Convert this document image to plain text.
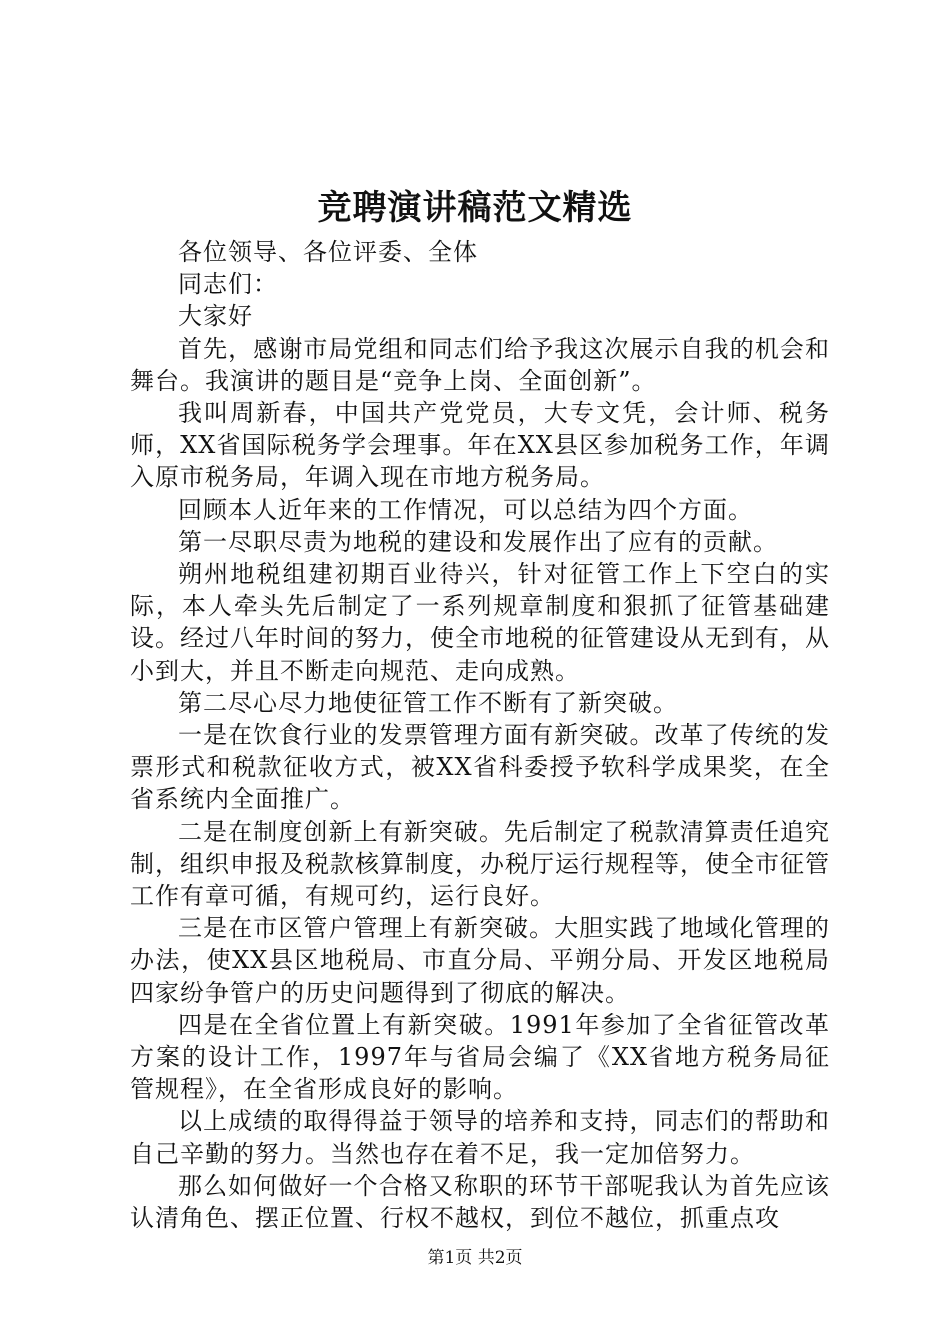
竞聘演讲稿范文精选

各位领导、各位评委、全体

同志们：

大家好

首先，感谢市局党组和同志们给予我这次展示自我的机会和舞台。我演讲的题目是“竞争上岗、全面创新”。

我叫周新春，中国共产党党员，大专文凭，会计师、税务师，XX省国际税务学会理事。年在XX县区参加税务工作，年调入原市税务局，年调入现在市地方税务局。

回顾本人近年来的工作情况，可以总结为四个方面。

第一尽职尽责为地税的建设和发展作出了应有的贡献。

朔州地税组建初期百业待兴，针对征管工作上下空白的实际，本人牵头先后制定了一系列规章制度和狠抓了征管基础建设。经过八年时间的努力，使全市地税的征管建设从无到有，从小到大，并且不断走向规范、走向成熟。

第二尽心尽力地使征管工作不断有了新突破。

一是在饮食行业的发票管理方面有新突破。改革了传统的发票形式和税款征收方式，被XX省科委授予软科学成果奖，在全省系统内全面推广。

二是在制度创新上有新突破。先后制定了税款清算责任追究制，组织申报及税款核算制度，办税厅运行规程等，使全市征管工作有章可循，有规可约，运行良好。

三是在市区管户管理上有新突破。大胆实践了地域化管理的办法，使XX县区地税局、市直分局、平朔分局、开发区地税局四家纷争管户的历史问题得到了彻底的解决。

四是在全省位置上有新突破。1991年参加了全省征管改革方案的设计工作，1997年与省局会编了《XX省地方税务局征管规程》，在全省形成良好的影响。

以上成绩的取得得益于领导的培养和支持，同志们的帮助和自己辛勤的努力。当然也存在着不足，我一定加倍努力。

那么如何做好一个合格又称职的环节干部呢我认为首先应该认清角色、摆正位置、行权不越权，到位不越位，抓重点攻

第1页 共2页
